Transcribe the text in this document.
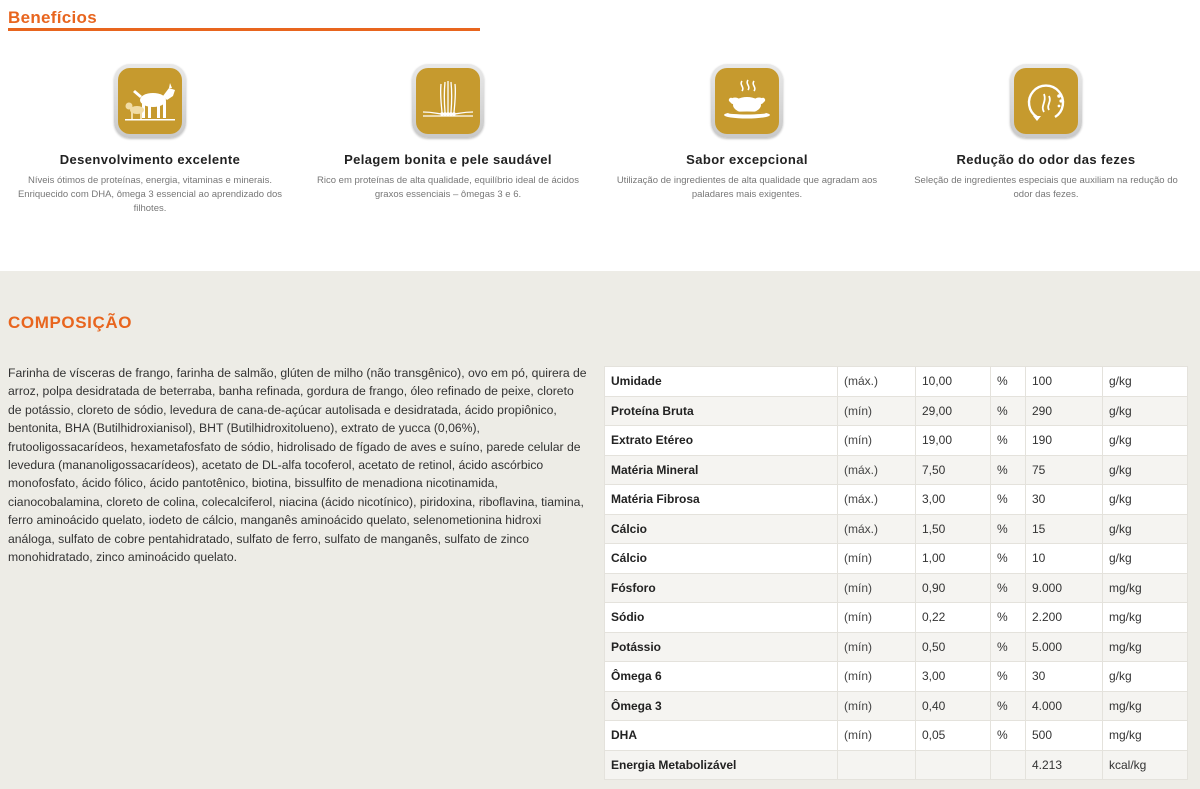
Benefícios
Desenvolvimento excelente
Níveis ótimos de proteínas, energia, vitaminas e minerais. Enriquecido com DHA, ômega 3 essencial ao aprendizado dos filhotes.
Pelagem bonita e pele saudável
Rico em proteínas de alta qualidade, equilíbrio ideal de ácidos graxos essenciais – ômegas 3 e 6.
Sabor excepcional
Utilização de ingredientes de alta qualidade que agradam aos paladares mais exigentes.
Redução do odor das fezes
Seleção de ingredientes especiais que auxiliam na redução do odor das fezes.
COMPOSIÇÃO
Farinha de vísceras de frango, farinha de salmão, glúten de milho (não transgênico), ovo em pó, quirera de arroz, polpa desidratada de beterraba, banha refinada, gordura de frango, óleo refinado de peixe, cloreto de potássio, cloreto de sódio, levedura de cana-de-açúcar autolisada e desidratada, ácido propiônico, bentonita, BHA (Butilhidroxianisol), BHT (Butilhidroxitolueno), extrato de yucca (0,06%), frutooligossacarídeos, hexametafosfato de sódio, hidrolisado de fígado de aves e suíno, parede celular de levedura (mananoligossacarídeos), acetato de DL-alfa tocoferol, acetato de retinol, ácido ascórbico monofosfato, ácido fólico, ácido pantotênico, biotina, bissulfito de menadiona nicotinamida, cianocobalamina, cloreto de colina, colecalciferol, niacina (ácido nicotínico), piridoxina, riboflavina, tiamina, ferro aminoácido quelato, iodeto de cálcio, manganês aminoácido quelato, selenometionina hidroxi análoga, sulfato de cobre pentahidratado, sulfato de ferro, sulfato de manganês, sulfato de zinco monohidratado, zinco aminoácido quelato.
Umidade	(máx.)	10,00	%	100	g/kg
Proteína Bruta	(mín)	29,00	%	290	g/kg
Extrato Etéreo	(mín)	19,00	%	190	g/kg
Matéria Mineral	(máx.)	7,50	%	75	g/kg
Matéria Fibrosa	(máx.)	3,00	%	30	g/kg
Cálcio	(máx.)	1,50	%	15	g/kg
Cálcio	(mín)	1,00	%	10	g/kg
Fósforo	(mín)	0,90	%	9.000	mg/kg
Sódio	(mín)	0,22	%	2.200	mg/kg
Potássio	(mín)	0,50	%	5.000	mg/kg
Ômega 6	(mín)	3,00	%	30	g/kg
Ômega 3	(mín)	0,40	%	4.000	mg/kg
DHA	(mín)	0,05	%	500	mg/kg
Energia Metabolizável				4.213	kcal/kg
